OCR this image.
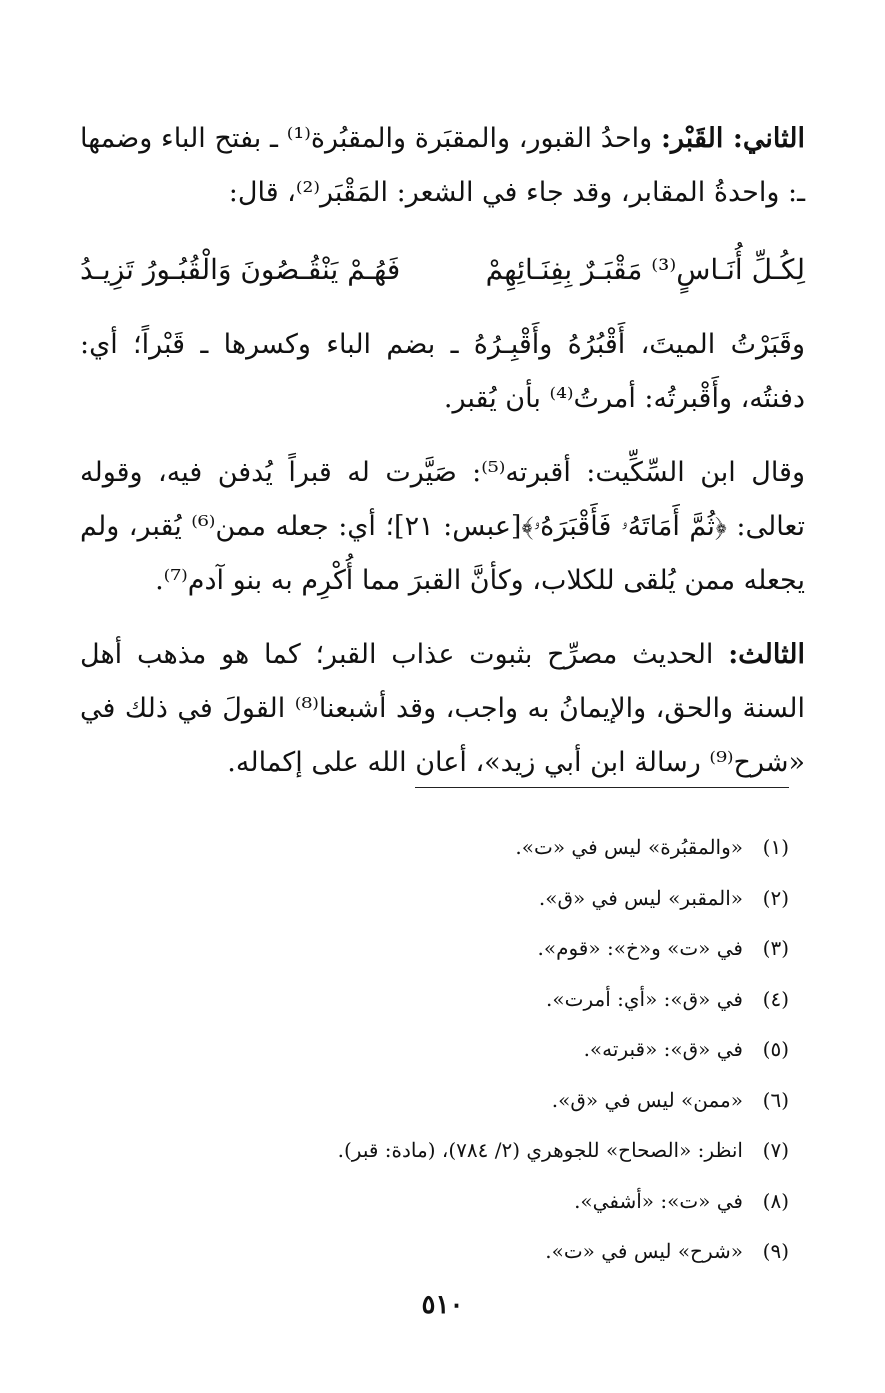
الثاني: القَبْر: واحدُ القبور، والمقبَرة والمقبُرة⁽¹⁾ ـ بفتح الباء وضمها ـ: واحدةُ المقابر، وقد جاء في الشعر: المَقْبَر⁽²⁾، قال:

لِكُـلِّ أُنَـاسٍ⁽³⁾ مَقْبَـرٌ بِفِنَـائِهِمْ
فَهُـمْ يَنْقُـصُونَ وَالْقُبُـورُ تَزِيـدُ

وقَبَرْتُ الميتَ، أَقْبُرُهُ وأَقْبِـرُهُ ـ بضم الباء وكسرها ـ قَبْراً؛ أي: دفنتُه، وأَقْبرتُه: أمرتُ⁽⁴⁾ بأن يُقبر.

وقال ابن السِّكِّيت: أقبرته⁽⁵⁾: صَيَّرت له قبراً يُدفن فيه، وقوله تعالى: ﴿ثُمَّ أَمَاتَهُۥ فَأَقْبَرَهُۥ﴾[عبس: ٢١]؛ أي: جعله ممن⁽⁶⁾ يُقبر، ولم يجعله ممن يُلقى للكلاب، وكأنَّ القبرَ مما أُكْرِم به بنو آدم⁽⁷⁾.

الثالث: الحديث مصرِّح بثبوت عذاب القبر؛ كما هو مذهب أهل السنة والحق، والإيمانُ به واجب، وقد أشبعنا⁽⁸⁾ القولَ في ذلك في «شرح⁽⁹⁾ رسالة ابن أبي زيد»، أعان الله على إكماله.

(١)
«والمقبُرة» ليس في «ت».
(٢)
«المقبر» ليس في «ق».
(٣)
في «ت» و«خ»: «قوم».
(٤)
في «ق»: «أي: أمرت».
(٥)
في «ق»: «قبرته».
(٦)
«ممن» ليس في «ق».
(٧)
انظر: «الصحاح» للجوهري (٢/ ٧٨٤)، (مادة: قبر).
(٨)
في «ت»: «أشفي».
(٩)
«شرح» ليس في «ت».
٥١٠
